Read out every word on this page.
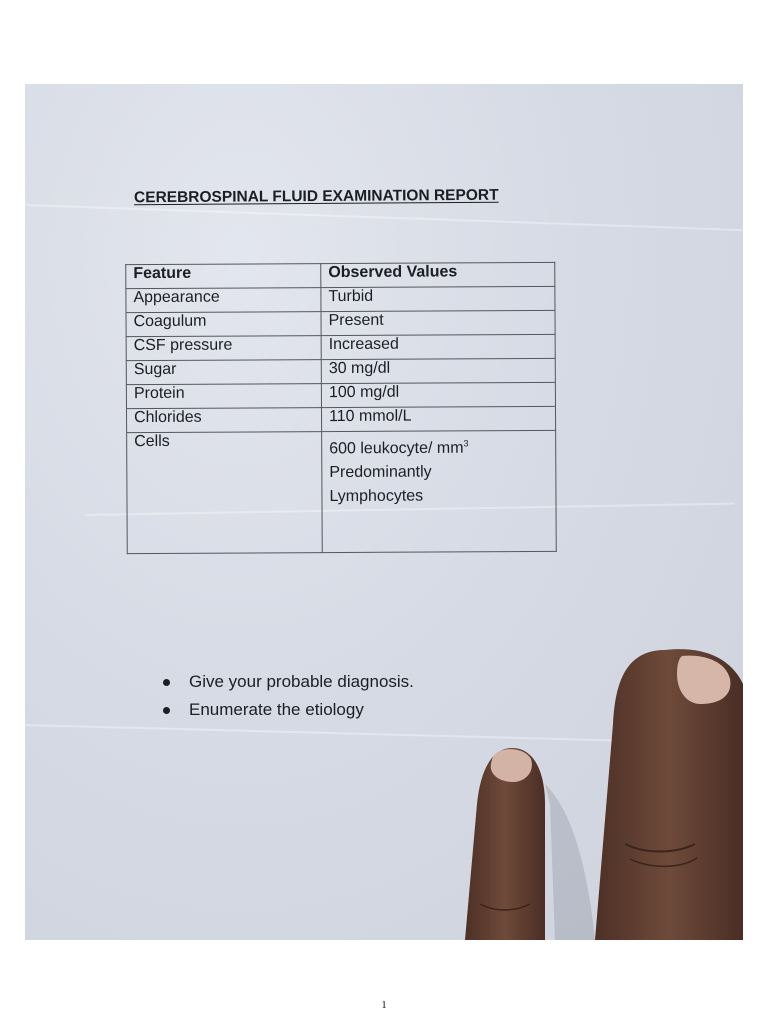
CEREBROSPINAL FLUID EXAMINATION REPORT
Feature	Observed Values
Appearance	Turbid
Coagulum	Present
CSF pressure	Increased
Sugar	30 mg/dl
Protein	100 mg/dl
Chlorides	110 mmol/L
Cells	600 leukocyte/ $mm^3$
Predominantly
Lymphocytes
Give your probable diagnosis.
Enumerate the etiology
1
